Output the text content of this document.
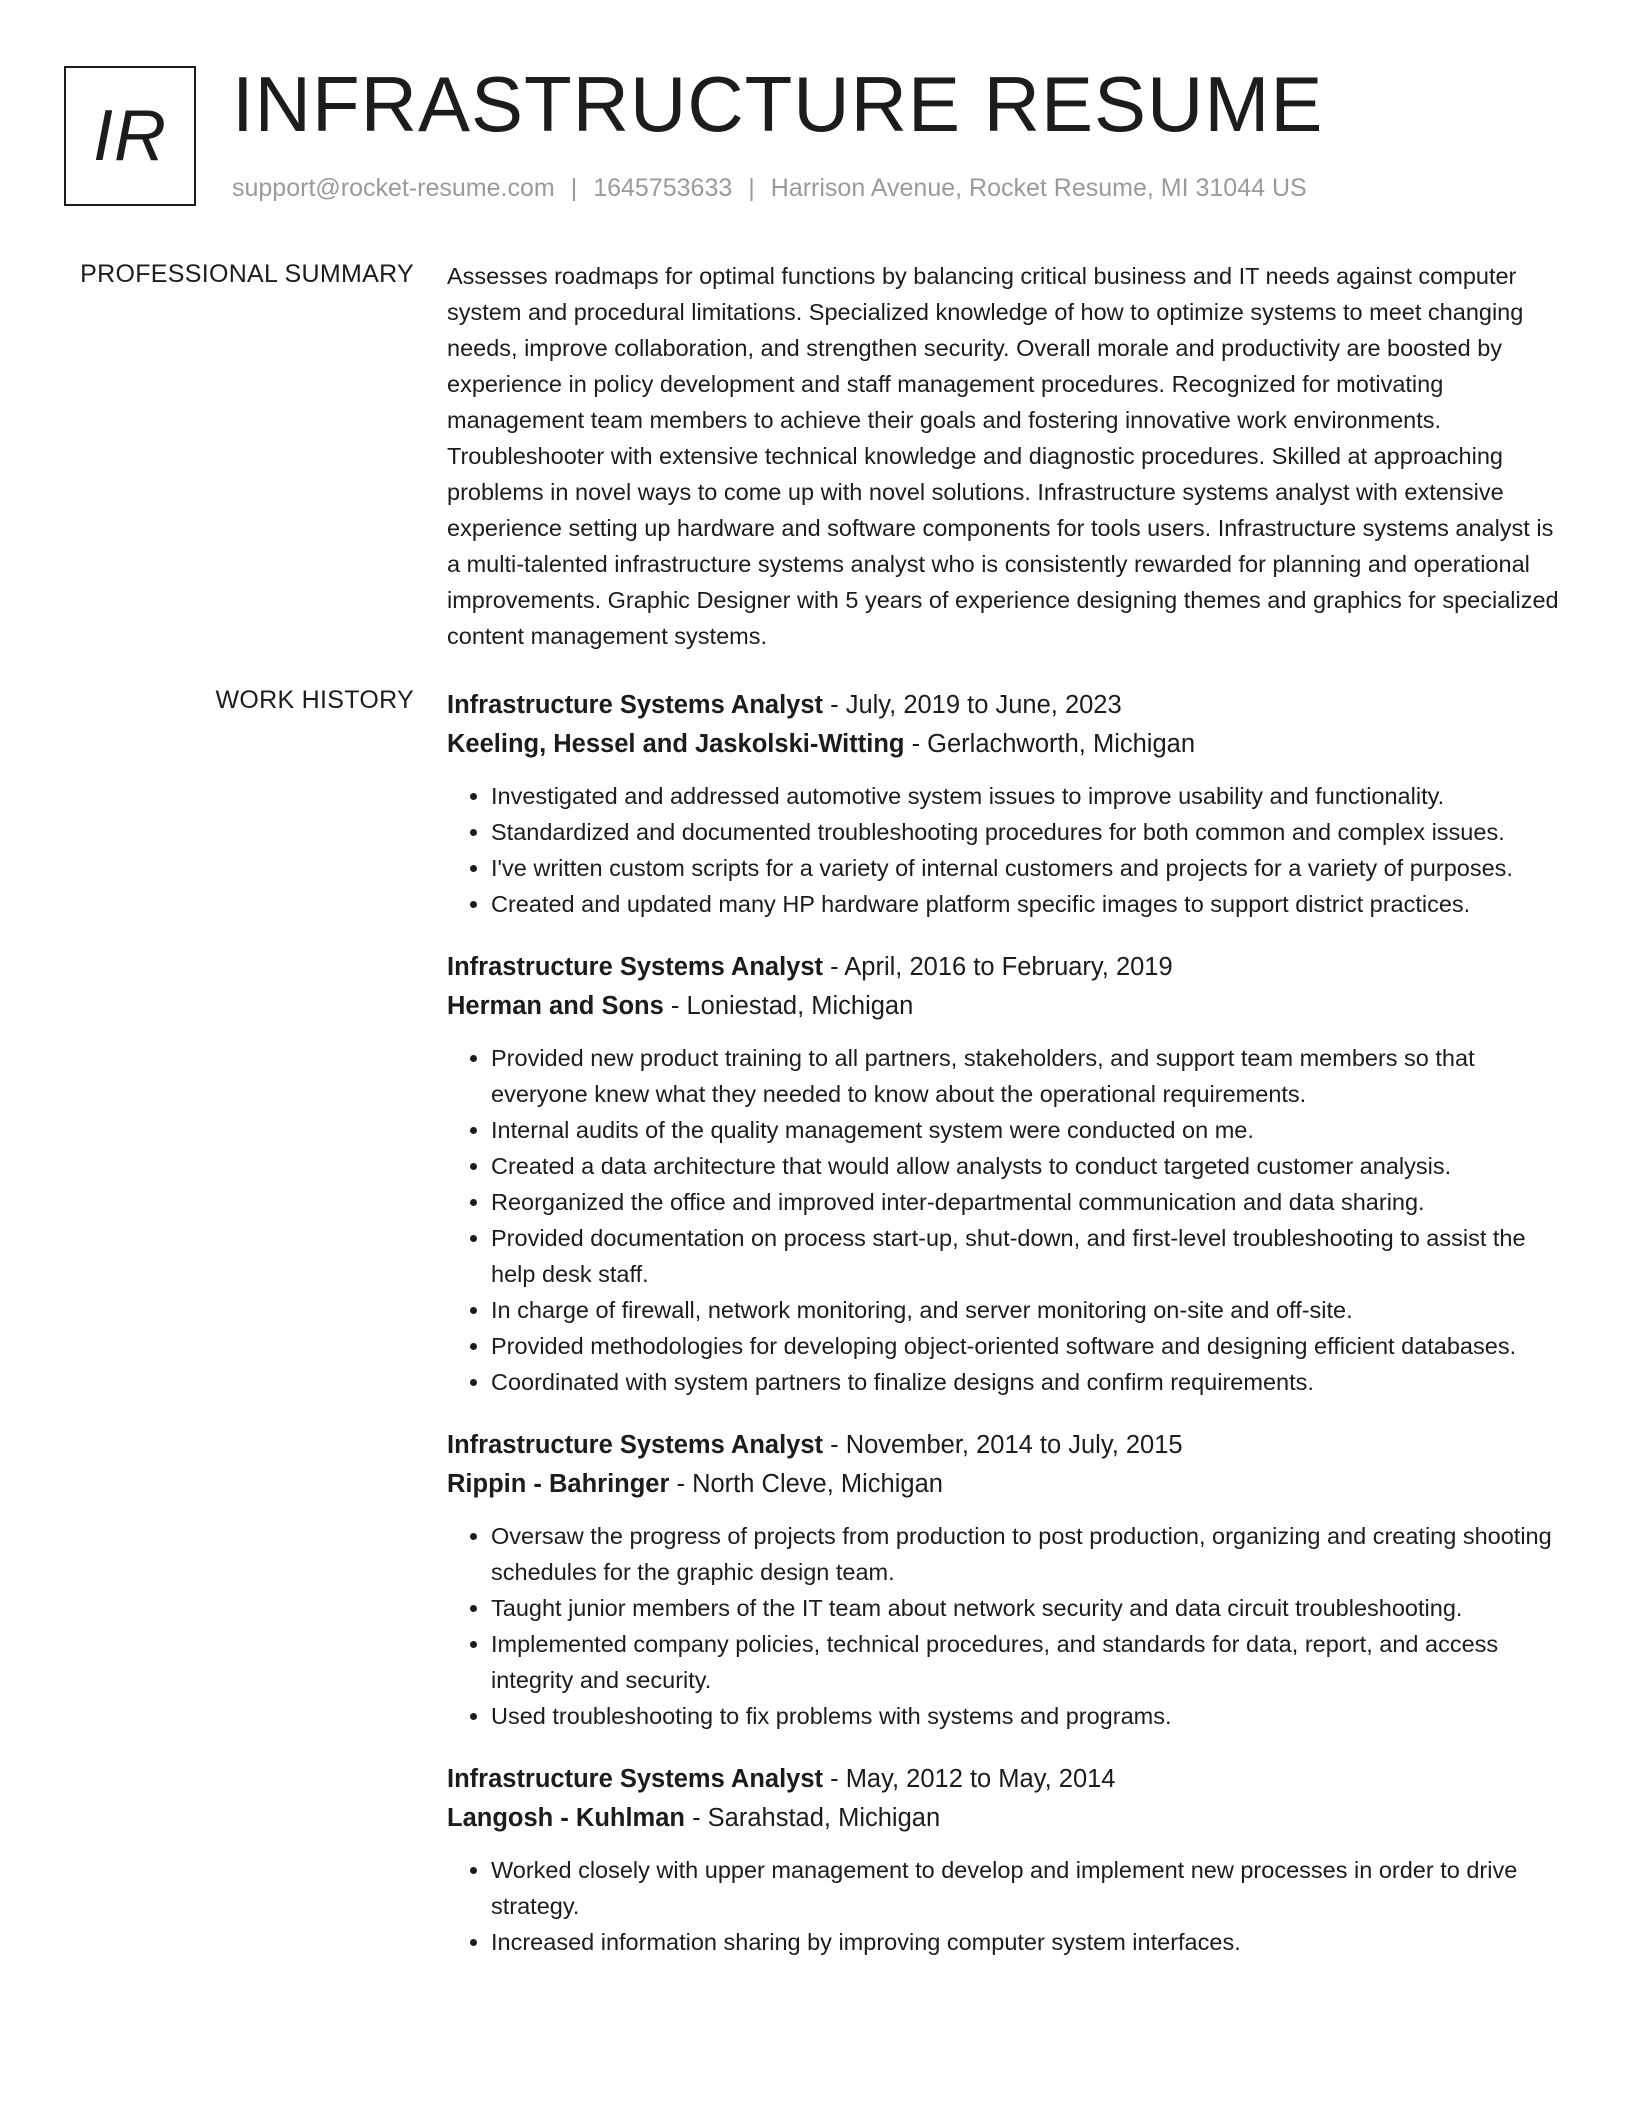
IR INFRASTRUCTURE RESUME
support@rocket-resume.com | 1645753633 | Harrison Avenue, Rocket Resume, MI 31044 US
PROFESSIONAL SUMMARY Assesses roadmaps for optimal functions by balancing critical business and IT needs against computer system and procedural limitations. Specialized knowledge of how to optimize systems to meet changing needs, improve collaboration, and strengthen security. Overall morale and productivity are boosted by experience in policy development and staff management procedures. Recognized for motivating management team members to achieve their goals and fostering innovative work environments. Troubleshooter with extensive technical knowledge and diagnostic procedures. Skilled at approaching problems in novel ways to come up with novel solutions. Infrastructure systems analyst with extensive experience setting up hardware and software components for tools users. Infrastructure systems analyst is a multi-talented infrastructure systems analyst who is consistently rewarded for planning and operational improvements. Graphic Designer with 5 years of experience designing themes and graphics for specialized content management systems.

WORK HISTORY Infrastructure Systems Analyst - July, 2019 to June, 2023
Keeling, Hessel and Jaskolski-Witting - Gerlachworth, Michigan
• Investigated and addressed automotive system issues to improve usability and functionality.
• Standardized and documented troubleshooting procedures for both common and complex issues.
• I've written custom scripts for a variety of internal customers and projects for a variety of purposes.
• Created and updated many HP hardware platform specific images to support district practices.
Infrastructure Systems Analyst - April, 2016 to February, 2019
Herman and Sons - Loniestad, Michigan
• Provided new product training to all partners, stakeholders, and support team members so that everyone knew what they needed to know about the operational requirements.
• Internal audits of the quality management system were conducted on me.
• Created a data architecture that would allow analysts to conduct targeted customer analysis.
• Reorganized the office and improved inter-departmental communication and data sharing.
• Provided documentation on process start-up, shut-down, and first-level troubleshooting to assist the help desk staff.
• In charge of firewall, network monitoring, and server monitoring on-site and off-site.
• Provided methodologies for developing object-oriented software and designing efficient databases.
• Coordinated with system partners to finalize designs and confirm requirements.
Infrastructure Systems Analyst - November, 2014 to July, 2015
Rippin - Bahringer - North Cleve, Michigan
• Oversaw the progress of projects from production to post production, organizing and creating shooting schedules for the graphic design team.
• Taught junior members of the IT team about network security and data circuit troubleshooting.
• Implemented company policies, technical procedures, and standards for data, report, and access integrity and security.
• Used troubleshooting to fix problems with systems and programs.
Infrastructure Systems Analyst - May, 2012 to May, 2014
Langosh - Kuhlman - Sarahstad, Michigan
• Worked closely with upper management to develop and implement new processes in order to drive strategy.
• Increased information sharing by improving computer system interfaces.
